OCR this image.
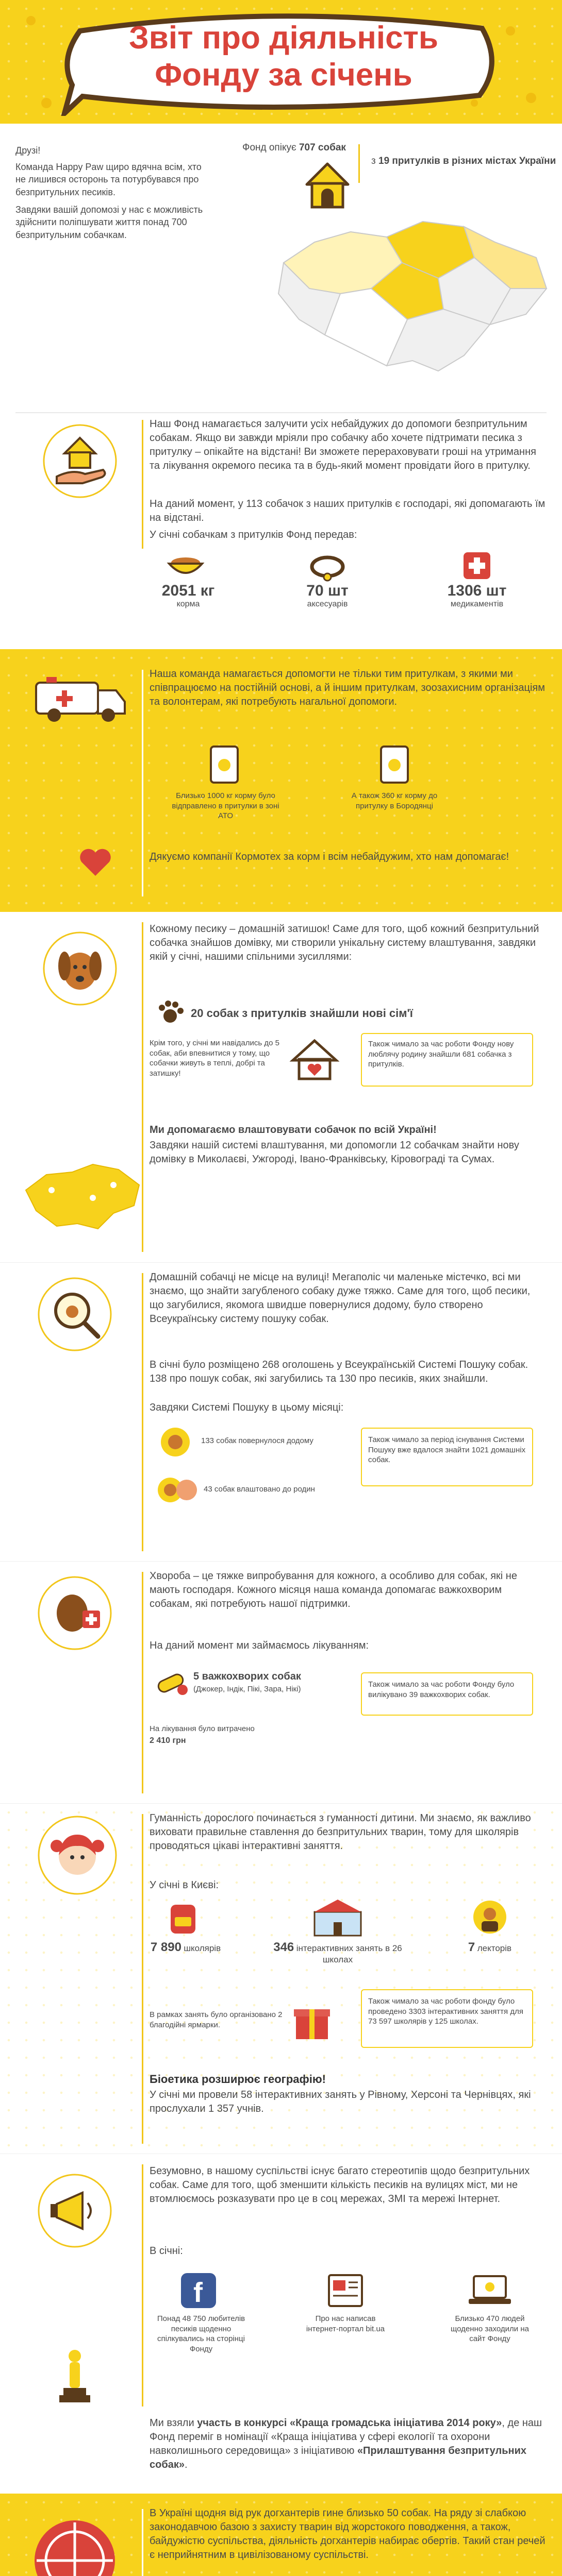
Звіт про діяльність
Фонду за січень
Друзі!
Команда Happy Paw щиро вдячна всім, хто не лишився осторонь та потурбувався про безпритульних песиків.
Завдяки вашій допомозі у нас є можливість здійснити поліпшувати життя понад 700 безпритульним собачкам.
Фонд опікує 707 собак
з 19 притулків в різних містах України
Наш Фонд намагається залучити усіх небайдужих до допомоги безпритульним собакам. Якщо ви завжди мріяли про собачку або хочете підтримати песика з притулку – опікайте на відстані! Ви зможете перераховувати гроші на утримання та лікування окремого песика та в будь-який момент провідати його в притулку.
На даний момент, у 113 собачок з наших притулків є господарі, які допомагають їм на відстані.
У січні собачкам з притулків Фонд передав:
2051 кг
корма
70 шт
аксесуарів
1306 шт
медикаментів
Наша команда намагається допомогти не тільки тим притулкам, з якими ми співпрацюємо на постійній основі, а й іншим притулкам, зоозахисним організаціям та волонтерам, які потребують нагальної допомоги.
Близько 1000 кг корму було відправлено в притулки в зоні АТО
А також 360 кг корму до притулку в Бородянці
Дякуємо компанії Кормотех за корм і всім небайдужим, хто нам допомагає!
Кожному песику – домашній затишок! Саме для того, щоб кожний безпритульний собачка знайшов домівку, ми створили унікальну систему влаштування, завдяки якій у січні, нашими спільними зусиллями:
20 собак з притулків знайшли нові сім'ї
Крім того, у січні ми навідались до 5 собак, аби впевнитися у тому, що собачки живуть в теплі, добрі та затишку!
Також чимало за час роботи Фонду нову люблячу родину знайшли 681 собачка з притулків.
Ми допомагаємо влаштовувати собачок по всій Україні!
Завдяки нашій системі влаштування, ми допомогли 12 собачкам знайти нову домівку в Миколаєві, Ужгороді, Івано-Франківську, Кіровограді та Сумах.
Домашній собачці не місце на вулиці! Мегаполіс чи маленьке містечко, всі ми знаємо, що знайти загубленого собаку дуже тяжко. Саме для того, щоб песики, що загубилися, якомога швидше повернулися додому, було створено Всеукраїнську систему пошуку собак.
В січні було розміщено 268 оголошень у Всеукраїнській Системі Пошуку собак. 138 про пошук собак, які загубились та 130 про песиків, яких знайшли.
Завдяки Системі Пошуку в цьому місяці:
133 собак повернулося додому
43 собак влаштовано до родин
Також чимало за період існування Системи Пошуку вже вдалося знайти 1021 домашніх собак.
Хвороба – це тяжке випробування для кожного, а особливо для собак, які не мають господаря. Кожного місяця наша команда допомагає важкохворим собакам, які потребують нашої підтримки.
На даний момент ми займаємось лікуванням:
5 важкохворих собак
(Джокер, Індік, Пікі, Зара, Нікі)
На лікування було витрачено
2 410 грн
Також чимало за час роботи Фонду було вилікувано 39 важкохворих собак.
Гуманність дорослого починається з гуманності дитини. Ми знаємо, як важливо виховати правильне ставлення до безпритульних тварин, тому для школярів проводяться цікаві інтерактивні заняття.
У січні в Києві:
7 890 школярів	346 інтерактивних занять в 26 школах
7 лекторів
В рамках занять було організовано 2 благодійні ярмарки.
Також чимало за час роботи фонду було проведено 3303 інтерактивних заняття для 73 597 школярів у 125 школах.
Біоетика розширює географію!
У січні ми провели 58 інтерактивних занять у Рівному, Херсоні та Чернівцях, які прослухали 1 357 учнів.
Безумовно, в нашому суспільстві існує багато стереотипів щодо безпритульних собак. Саме для того, щоб зменшити кількість песиків на вулицях міст, ми не втомлюємось розказувати про це в соц мережах, ЗМІ та мережі Інтернет.
В січні:
f
Понад 48 750 любителів песиків щоденно спілкувались на сторінці Фонду
Про нас написав інтернет-портал bit.ua
Близько 470 людей щоденно заходили на сайт Фонду
Ми взяли участь в конкурсі «Краща громадська ініціатива 2014 року», де наш Фонд переміг в номінації «Краща ініціатива у сфері екології та охорони навколишнього середовища» з ініціативою «Прилаштування безпритульних собак».
В Україні щодня від рук догхантерів гине близько 50 собак. На ряду зі слабкою законодавчою базою з захисту тварин від жорстокого поводження, а також, байдужістю суспільства, діяльність догхантерів набирає обертів. Такий стан речей є неприйнятним в цивілізованому суспільстві.
